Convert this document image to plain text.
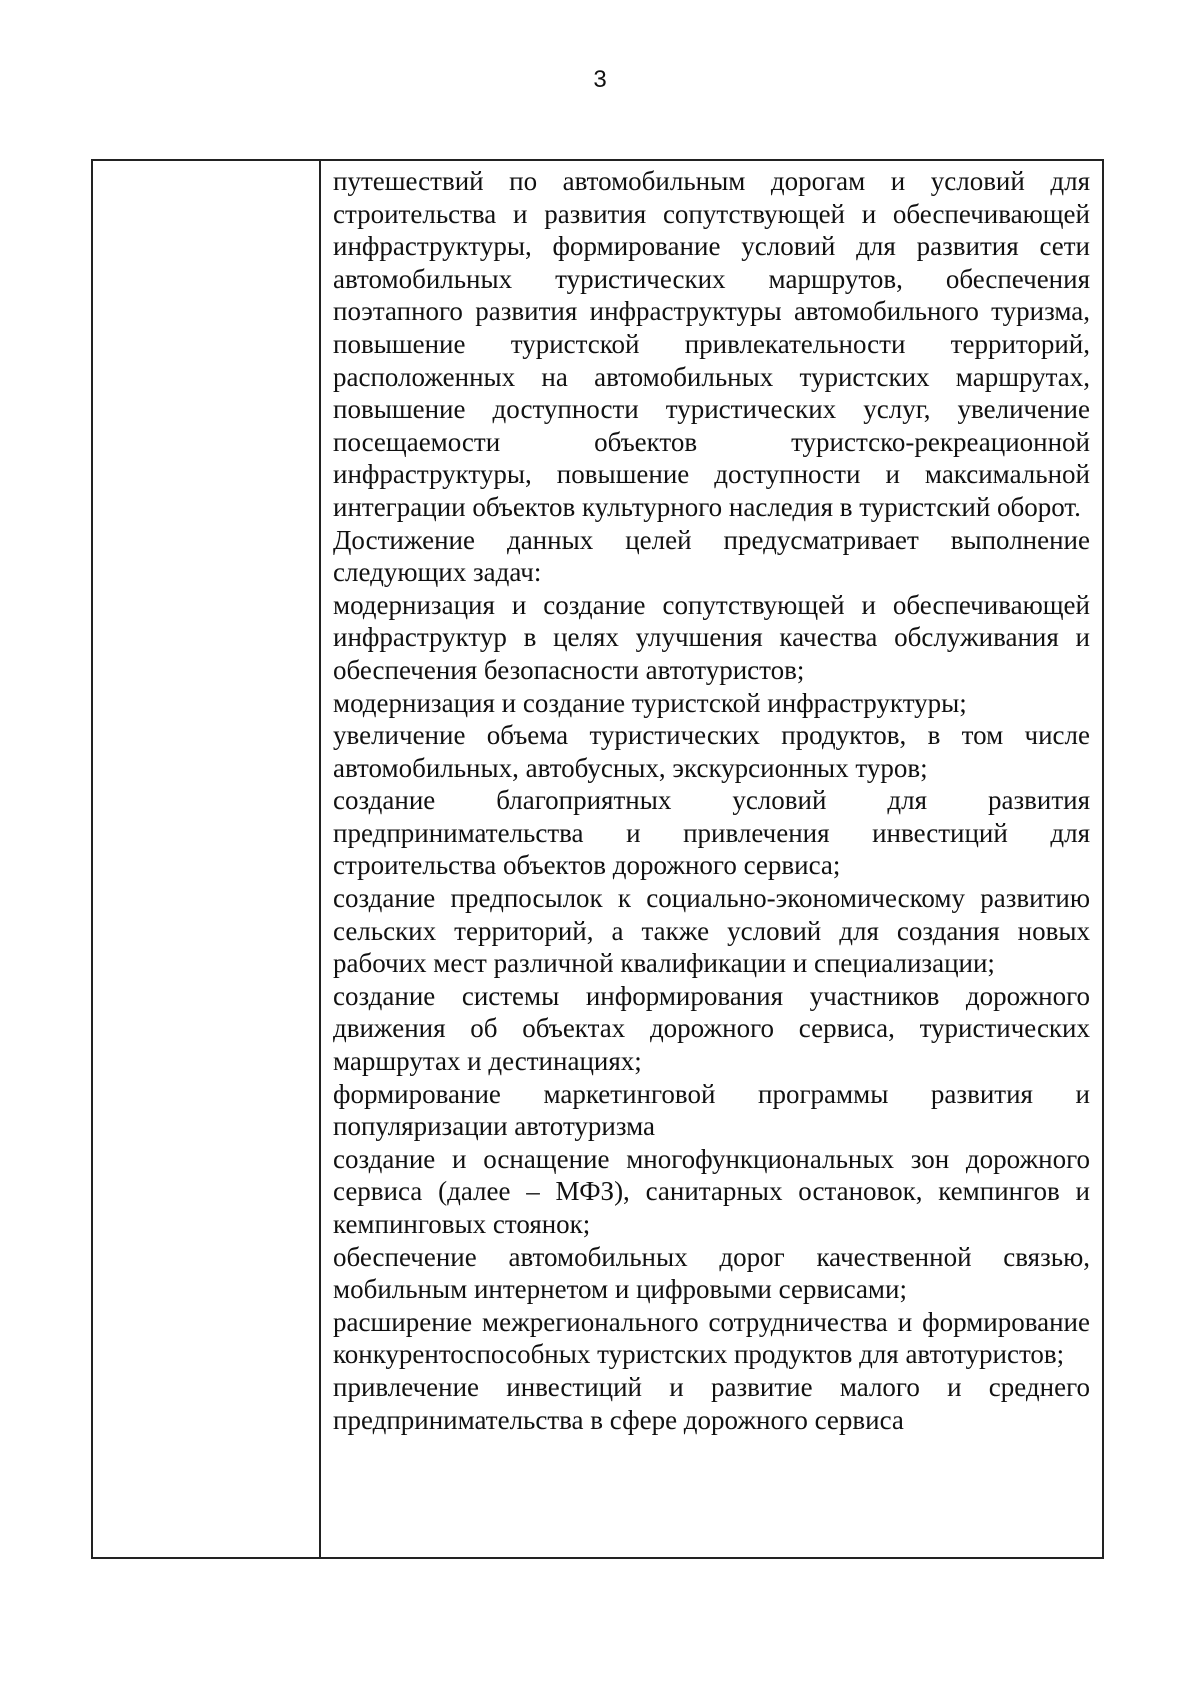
3

путешествий по автомобильным дорогам и условий для строительства и развития сопутствующей и обеспечивающей инфраструктуры, формирование условий для развития сети автомобильных туристических маршрутов, обеспечения поэтапного развития инфраструктуры автомобильного туризма, повышение туристской привлекательности территорий, расположенных на автомобильных туристских маршрутах, повышение доступности туристических услуг, увеличение посещаемости объектов туристско-рекреационной инфраструктуры, повышение доступности и максимальной интеграции объектов культурного наследия в туристский оборот.

Достижение данных целей предусматривает выполнение следующих задач:

модернизация и создание сопутствующей и обеспечивающей инфраструктур в целях улучшения качества обслуживания и обеспечения безопасности автотуристов;

модернизация и создание туристской инфраструктуры;

увеличение объема туристических продуктов, в том числе автомобильных, автобусных, экскурсионных туров;

создание благоприятных условий для развития предпринимательства и привлечения инвестиций для строительства объектов дорожного сервиса;

создание предпосылок к социально-экономическому развитию сельских территорий, а также условий для создания новых рабочих мест различной квалификации и специализации;

создание системы информирования участников дорожного движения об объектах дорожного сервиса, туристических маршрутах и дестинациях;

формирование маркетинговой программы развития и популяризации автотуризма

создание и оснащение многофункциональных зон дорожного сервиса (далее – МФЗ), санитарных остановок, кемпингов и кемпинговых стоянок;

обеспечение автомобильных дорог качественной связью, мобильным интернетом и цифровыми сервисами;

расширение межрегионального сотрудничества и формирование конкурентоспособных туристских продуктов для автотуристов;

привлечение инвестиций и развитие малого и среднего предпринимательства в сфере дорожного сервиса
